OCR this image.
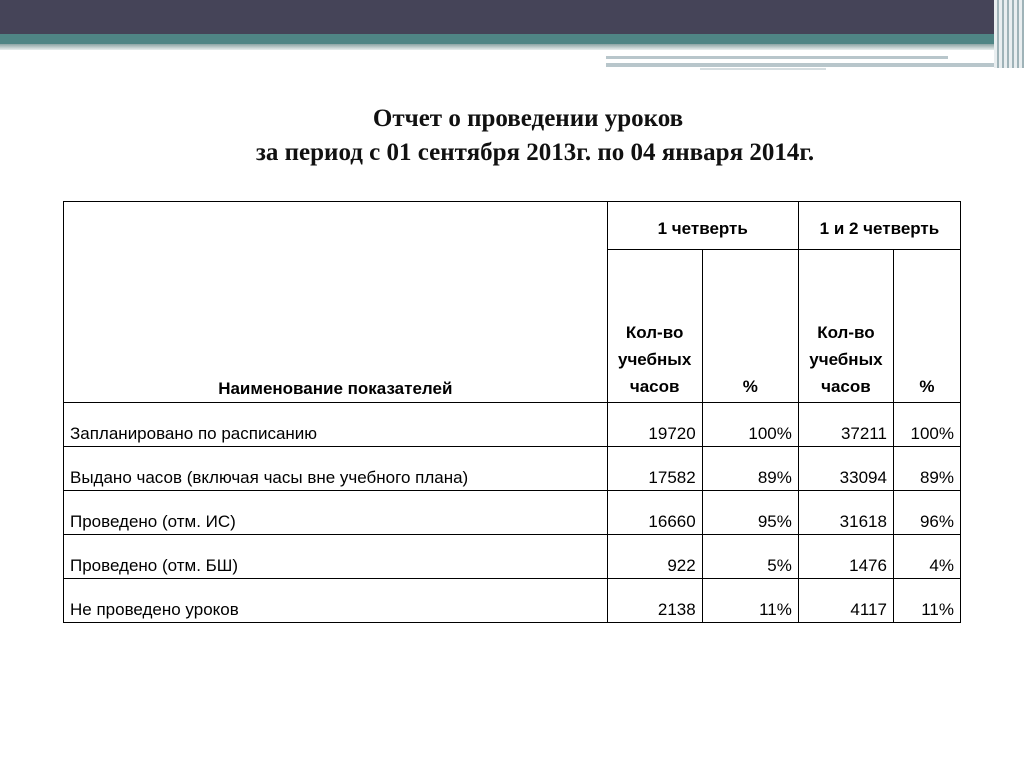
Отчет о проведении уроков
за период с 01 сентября 2013г. по 04 января 2014г.
Наименование показателей	1 четверть		1 и 2 четверть	
	Кол-во
учебных
часов	%	Кол-во
учебных
часов	%
Запланировано по расписанию	19720	100%	37211	100%
Выдано часов (включая часы вне учебного плана)	17582	89%	33094	89%
Проведено (отм. ИС)	16660	95%	31618	96%
Проведено (отм. БШ)	922	5%	1476	4%
Не проведено уроков	2138	11%	4117	11%
